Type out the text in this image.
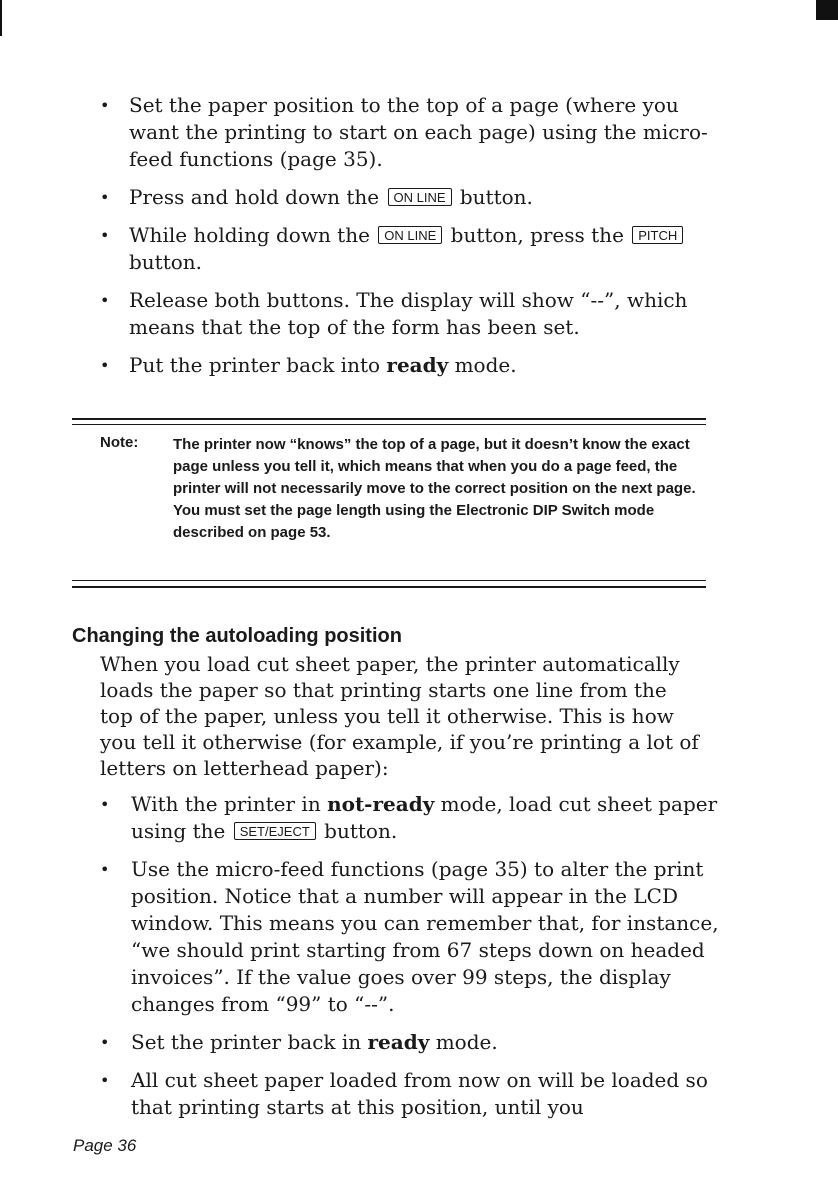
• Set the paper position to the top of a page (where you want the printing to start on each page) using the micro-feed functions (page 35).
• Press and hold down the ON LINE button.
• While holding down the ON LINE button, press the PITCH button.
• Release both buttons. The display will show “--”, which means that the top of the form has been set.
• Put the printer back into ready mode.
Note: The printer now “knows” the top of a page, but it doesn’t know the exact page unless you tell it, which means that when you do a page feed, the printer will not necessarily move to the correct position on the next page. You must set the page length using the Electronic DIP Switch mode described on page 53.
Changing the autoloading position

When you load cut sheet paper, the printer automatically loads the paper so that printing starts one line from the top of the paper, unless you tell it otherwise. This is how you tell it otherwise (for example, if you’re printing a lot of letters on letterhead paper):

• With the printer in not-ready mode, load cut sheet paper using the SET/EJECT button.
• Use the micro-feed functions (page 35) to alter the print position. Notice that a number will appear in the LCD window. This means you can remember that, for instance, “we should print starting from 67 steps down on headed invoices”. If the value goes over 99 steps, the display changes from “99” to “--”.
• Set the printer back in ready mode.
• All cut sheet paper loaded from now on will be loaded so that printing starts at this position, until you
Page 36
